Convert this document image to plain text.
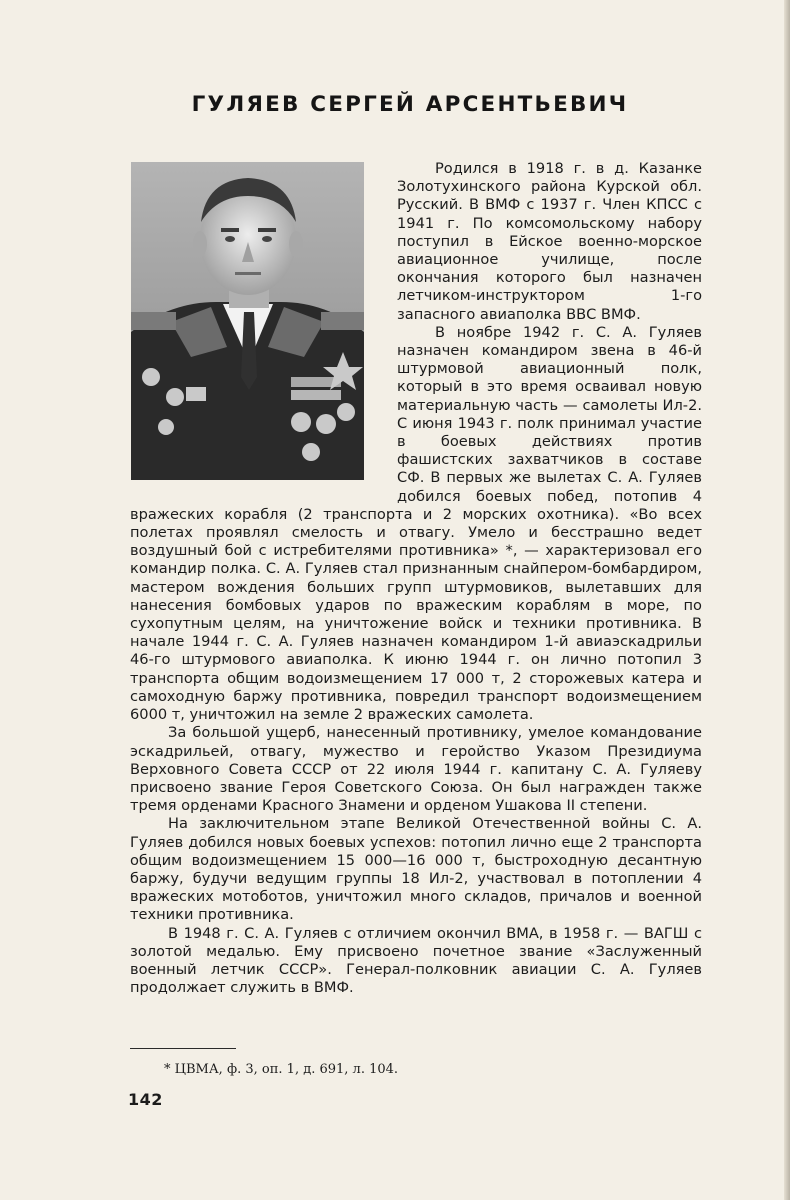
ГУЛЯЕВ СЕРГЕЙ АРСЕНТЬЕВИЧ

Родился в 1918 г. в д. Казанке Золотухинского района Курской обл. Русский. В ВМФ с 1937 г. Член КПСС с 1941 г. По комсомольскому набору поступил в Ейское военно-морское авиационное училище, после окончания которого был назначен летчиком-инструктором 1-го запасного авиаполка ВВС ВМФ.

В ноябре 1942 г. С. А. Гуляев назначен командиром звена в 46-й штурмовой авиационный полк, который в это время осваивал новую материальную часть — самолеты Ил-2. С июня 1943 г. полк принимал участие в боевых действиях против фашистских захватчиков в составе СФ. В первых же вылетах С. А. Гуляев добился боевых побед, потопив 4 вражеских корабля (2 транспорта и 2 морских охотника). «Во всех полетах проявлял смелость и отвагу. Умело и бесстрашно ведет воздушный бой с истребителями противника» *, — характеризовал его командир полка. С. А. Гуляев стал признанным снайпером-бомбардиром, мастером вождения больших групп штурмовиков, вылетавших для нанесения бомбовых ударов по вражеским кораблям в море, по сухопутным целям, на уничтожение войск и техники противника. В начале 1944 г. С. А. Гуляев назначен командиром 1-й авиаэскадрильи 46-го штурмового авиаполка. К июню 1944 г. он лично потопил 3 транспорта общим водоизмещением 17 000 т, 2 сторожевых катера и самоходную баржу противника, повредил транспорт водоизмещением 6000 т, уничтожил на земле 2 вражеских самолета.

За большой ущерб, нанесенный противнику, умелое командование эскадрильей, отвагу, мужество и геройство Указом Президиума Верховного Совета СССР от 22 июля 1944 г. капитану С. А. Гуляеву присвоено звание Героя Советского Союза. Он был награжден также тремя орденами Красного Знамени и орденом Ушакова II степени.

На заключительном этапе Великой Отечественной войны С. А. Гуляев добился новых боевых успехов: потопил лично еще 2 транспорта общим водоизмещением 15 000—16 000 т, быстроходную десантную баржу, будучи ведущим группы 18 Ил-2, участвовал в потоплении 4 вражеских мотоботов, уничтожил много складов, причалов и военной техники противника.

В 1948 г. С. А. Гуляев с отличием окончил ВМА, в 1958 г. — ВАГШ с золотой медалью. Ему присвоено почетное звание «Заслуженный военный летчик СССР». Генерал-полковник авиации С. А. Гуляев продолжает служить в ВМФ.

* ЦВМА, ф. 3, оп. 1, д. 691, л. 104.
142
